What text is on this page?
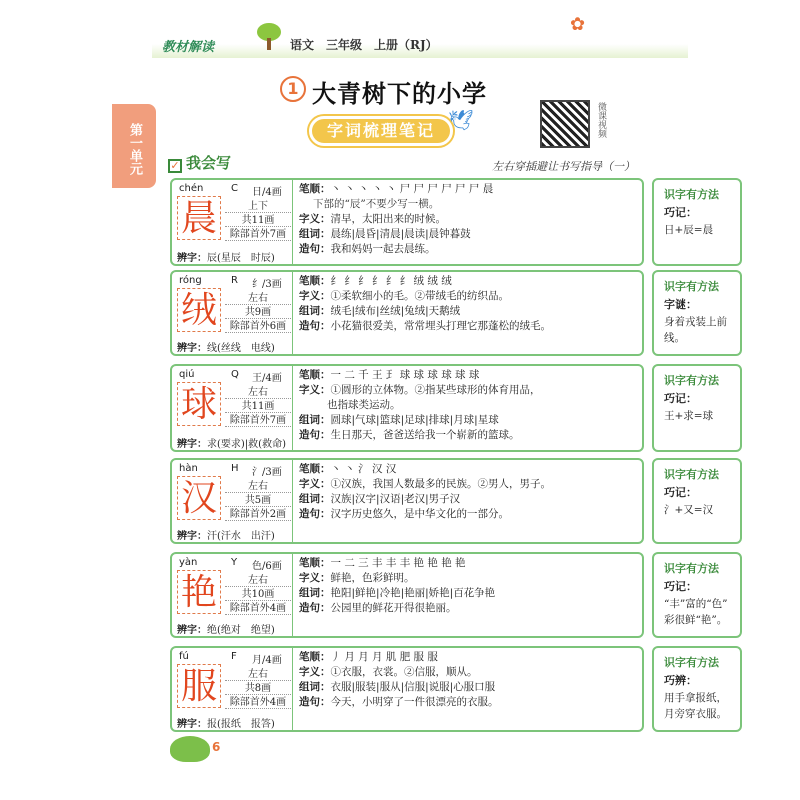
教材解读	语文　三年级　上册（RJ）
✿
第一单元
1 大青树下的小学
字词梳理笔记 🕊	微课视频
✓ 我会写	左右穿插避让书写指导（一）
chén	C 日/4画
晨	上下
共11画
除部首外7画
辨字：辰(星辰　时辰)
笔顺：丶 丶 丶 丶 丶 尸 尸 尸 尸 尸 尸 晨
下部的“辰”不要少写一横。
字义：清早，太阳出来的时候。
组词：晨练|晨昏|清晨|晨读|晨钟暮鼓
造句：我和妈妈一起去晨练。
识字有方法
巧记：
日+辰=晨
róng	R 纟/3画
绒	左右
共9画
除部首外6画
辨字：线(丝线　电线)
笔顺：纟 纟 纟 纟 纟 纟 绒 绒 绒
字义：①柔软细小的毛。②带绒毛的纺织品。
组词：绒毛|绒布|丝绒|兔绒|天鹅绒
造句：小花猫很爱美，常常埋头打理它那蓬松的绒毛。
识字有方法
字谜：
身着戎装上前线。
qiú	Q 王/4画
球	左右
共11画
除部首外7画
辨字：求(要求)|救(救命)
笔顺：一 二 千 王 ⺩ 球 球 球 球 球 球
字义：①圆形的立体物。②指某些球形的体育用品，
也指球类运动。
组词：圆球|气球|篮球|足球|排球|月球|星球
造句：生日那天，爸爸送给我一个崭新的篮球。
识字有方法
巧记：
王+求=球
hàn	H 氵/3画
汉	左右
共5画
除部首外2画
辨字：汗(汗水　出汗)
笔顺：丶 丶 氵 汉 汉
字义：①汉族，我国人数最多的民族。②男人，男子。
组词：汉族|汉字|汉语|老汉|男子汉
造句：汉字历史悠久，是中华文化的一部分。
识字有方法
巧记：
氵+又=汉
yàn	Y 色/6画
艳	左右
共10画
除部首外4画
辨字：绝(绝对　绝望)
笔顺：一 二 三 丰 丰 丰 艳 艳 艳 艳
字义：鲜艳，色彩鲜明。
组词：艳阳|鲜艳|冷艳|艳丽|娇艳|百花争艳
造句：公园里的鲜花开得很艳丽。
识字有方法
巧记：
“丰”富的“色”
彩很鲜“艳”。
fú	F 月/4画
服	左右
共8画
除部首外4画
辨字：报(报纸　报答)
笔顺：丿 月 月 月 肌 肥 服 服
字义：①衣服，衣裳。②信服，顺从。
组词：衣服|服装|服从|信服|说服|心服口服
造句：今天，小明穿了一件很漂亮的衣服。
识字有方法
巧辨：
用手拿报纸，
月旁穿衣服。
6
